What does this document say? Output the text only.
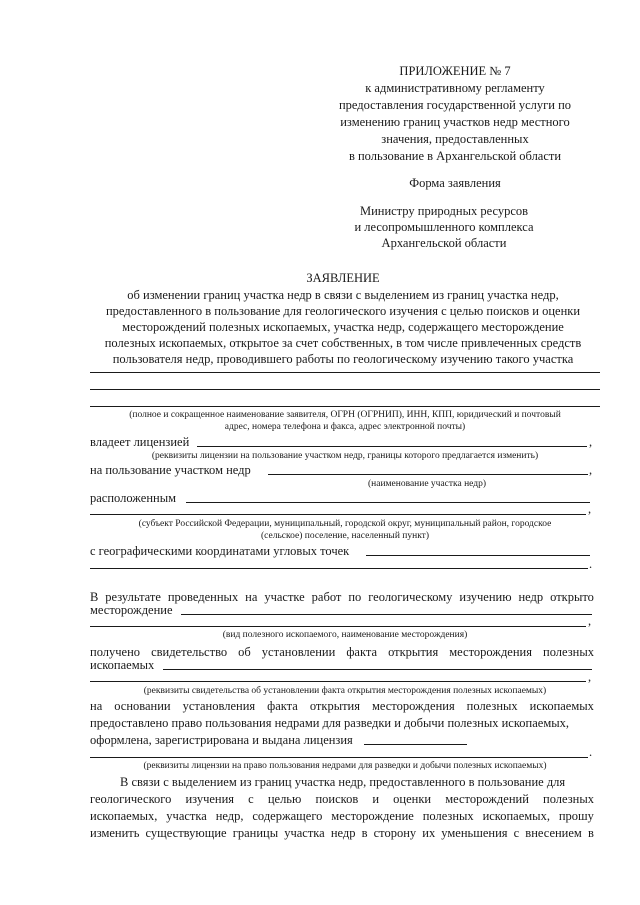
ПРИЛОЖЕНИЕ № 7
к административному регламенту
предоставления государственной услуги по
изменению границ участков недр местного
значения, предоставленных
в пользование в Архангельской области
Форма заявления
Министру природных ресурсов
и лесопромышленного комплекса
Архангельской области
ЗАЯВЛЕНИЕ
об изменении границ участка недр в связи с выделением из границ участка недр,
предоставленного в пользование для геологического изучения с целью поисков и оценки
месторождений полезных ископаемых, участка недр, содержащего месторождение
полезных ископаемых, открытое за счет собственных, в том числе привлеченных средств
пользователя недр, проводившего работы по геологическому изучению такого участка
(полное и сокращенное наименование заявителя, ОГРН (ОГРНИП), ИНН, КПП, юридический и почтовый
адрес, номера телефона и факса, адрес электронной почты)
владеет лицензией	,
(реквизиты лицензии на пользование участком недр, границы которого предлагается изменить)
на пользование участком недр	,
(наименование участка недр)
расположенным
,
(субъект Российской Федерации, муниципальный, городской округ, муниципальный район, городское
(сельское) поселение, населенный пункт)
с географическими координатами угловых точек
.
В результате проведенных на участке работ по геологическому изучению недр открыто
месторождение
,
(вид полезного ископаемого, наименование месторождения)
получено свидетельство об установлении факта открытия месторождения полезных
ископаемых
,
(реквизиты свидетельства об установлении факта открытия месторождения полезных ископаемых)
на основании установления факта открытия месторождения полезных ископаемых
предоставлено право пользования недрами для разведки и добычи полезных ископаемых,
оформлена, зарегистрирована и выдана лицензия
.
(реквизиты лицензии на право пользования недрами для разведки и добычи полезных ископаемых)
В связи с выделением из границ участка недр, предоставленного в пользование для
геологического изучения с целью поисков и оценки месторождений полезных
ископаемых, участка недр, содержащего месторождение полезных ископаемых, прошу
изменить существующие границы участка недр в сторону их уменьшения с внесением в
